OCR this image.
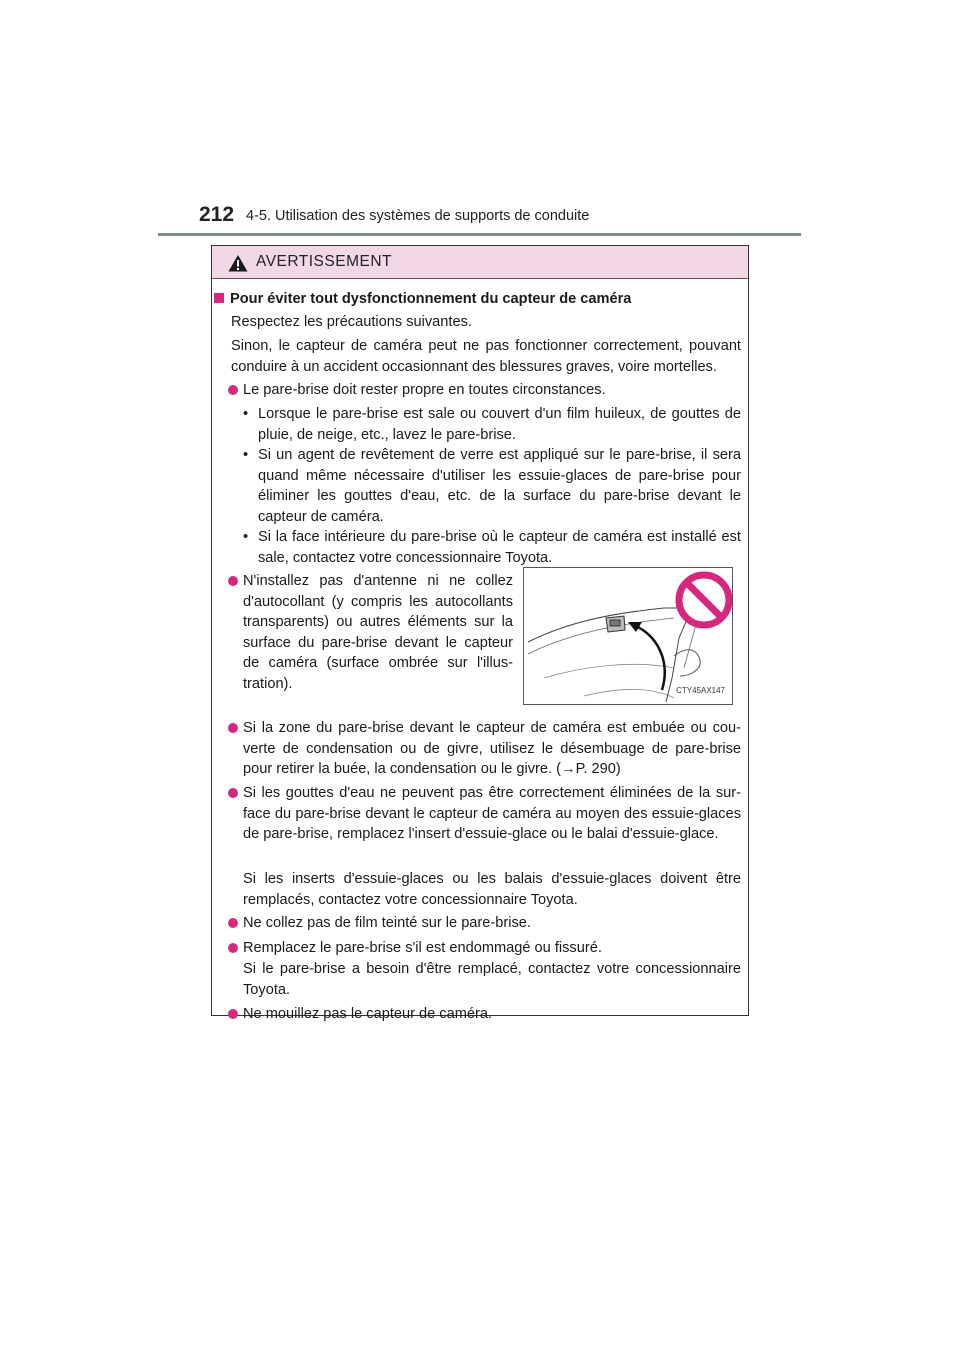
212 4-5. Utilisation des systèmes de supports de conduite
AVERTISSEMENT
Pour éviter tout dysfonctionnement du capteur de caméra
Respectez les précautions suivantes.
Sinon, le capteur de caméra peut ne pas fonctionner correctement, pouvant conduire à un accident occasionnant des blessures graves, voire mortelles.
Le pare-brise doit rester propre en toutes circonstances.
• Lorsque le pare-brise est sale ou couvert d'un film huileux, de gouttes de pluie, de neige, etc., lavez le pare-brise.
• Si un agent de revêtement de verre est appliqué sur le pare-brise, il sera quand même nécessaire d'utiliser les essuie-glaces de pare-brise pour éliminer les gouttes d'eau, etc. de la surface du pare-brise devant le capteur de caméra.
• Si la face intérieure du pare-brise où le capteur de caméra est installé est sale, contactez votre concessionnaire Toyota.
N'installez pas d'antenne ni ne collez d'autocollant (y compris les autocollants transparents) ou autres éléments sur la surface du pare-brise devant le capteur de caméra (surface ombrée sur l'illus-tration).	CTY45AX147
Si la zone du pare-brise devant le capteur de caméra est embuée ou cou-verte de condensation ou de givre, utilisez le désembuage de pare-brise pour retirer la buée, la condensation ou le givre. (→P. 290)
Si les gouttes d'eau ne peuvent pas être correctement éliminées de la sur-face du pare-brise devant le capteur de caméra au moyen des essuie-glaces de pare-brise, remplacez l'insert d'essuie-glace ou le balai d'essuie-glace.
Si les inserts d'essuie-glaces ou les balais d'essuie-glaces doivent être remplacés, contactez votre concessionnaire Toyota.
Ne collez pas de film teinté sur le pare-brise.
Remplacez le pare-brise s'il est endommagé ou fissuré.
Si le pare-brise a besoin d'être remplacé, contactez votre concessionnaire Toyota.
Ne mouillez pas le capteur de caméra.
